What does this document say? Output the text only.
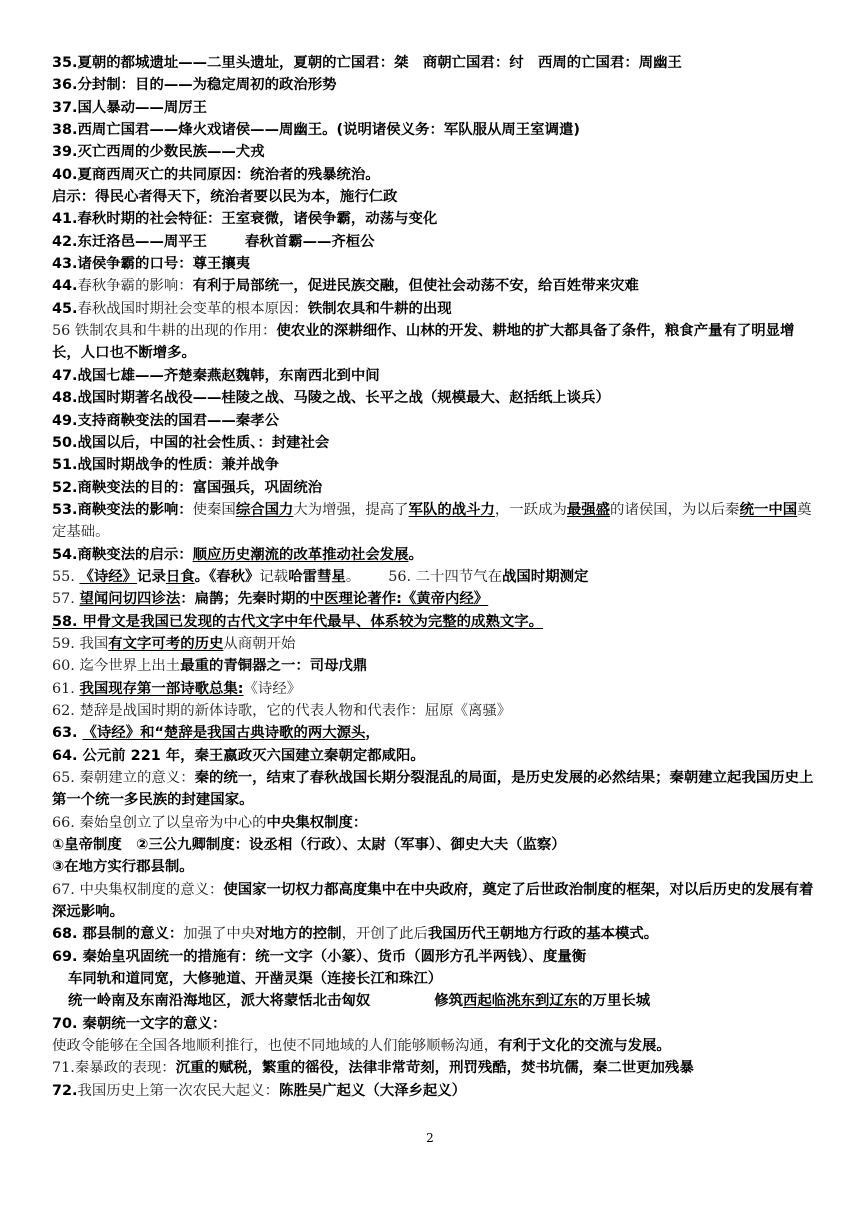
35.夏朝的都城遗址——二里头遗址，夏朝的亡国君：桀　商朝亡国君：纣　西周的亡国君：周幽王
36.分封制：目的——为稳定周初的政治形势
37.国人暴动——周厉王
38.西周亡国君——烽火戏诸侯——周幽王。(说明诸侯义务：军队服从周王室调遣)
39.灭亡西周的少数民族——犬戎
40.夏商西周灭亡的共同原因：统治者的残暴统治。
启示：得民心者得天下，统治者要以民为本，施行仁政
41.春秋时期的社会特征：王室衰微，诸侯争霸，动荡与变化
42.东迁洛邑——周平王	春秋首霸——齐桓公
43.诸侯争霸的口号：尊王攘夷
44.春秋争霸的影响：有利于局部统一，促进民族交融，但使社会动荡不安，给百姓带来灾难
45.春秋战国时期社会变革的根本原因：铁制农具和牛耕的出现
56 铁制农具和牛耕的出现的作用：使农业的深耕细作、山林的开发、耕地的扩大都具备了条件，粮食产量有了明显增长，人口也不断增多。
47.战国七雄——齐楚秦燕赵魏韩，东南西北到中间
48.战国时期著名战役——桂陵之战、马陵之战、长平之战（规模最大、赵括纸上谈兵）
49.支持商鞅变法的国君——秦孝公
50.战国以后，中国的社会性质、：封建社会
51.战国时期战争的性质：兼并战争
52.商鞅变法的目的：富国强兵，巩固统治
53.商鞅变法的影响：使秦国综合国力大为增强，提高了军队的战斗力，一跃成为最强盛的诸侯国，为以后秦统一中国奠定基础。
54.商鞅变法的启示：顺应历史潮流的改革推动社会发展。
55. 《诗经》记录日食。《春秋》记载哈雷彗星。 56. 二十四节气在战国时期测定
57. 望闻问切四诊法：扁鹊；先秦时期的中医理论著作:《黄帝内经》
58. 甲骨文是我国已发现的古代文字中年代最早、体系较为完整的成熟文字。
59. 我国有文字可考的历史从商朝开始
60. 迄今世界上出土最重的青铜器之一：司母戊鼎
61. 我国现存第一部诗歌总集:《诗经》
62. 楚辞是战国时期的新体诗歌，它的代表人物和代表作：屈原《离骚》
63. 《诗经》和“楚辞是我国古典诗歌的两大源头，
64. 公元前 221 年，秦王嬴政灭六国建立秦朝定都咸阳。
65. 秦朝建立的意义：秦的统一，结束了春秋战国长期分裂混乱的局面，是历史发展的必然结果；秦朝建立起我国历史上第一个统一多民族的封建国家。
66. 秦始皇创立了以皇帝为中心的中央集权制度：
①皇帝制度　②三公九卿制度：设丞相（行政）、太尉（军事）、御史大夫（监察）
③在地方实行郡县制。
67. 中央集权制度的意义：使国家一切权力都高度集中在中央政府，奠定了后世政治制度的框架，对以后历史的发展有着深远影响。
68. 郡县制的意义：加强了中央对地方的控制，开创了此后我国历代王朝地方行政的基本模式。
69. 秦始皇巩固统一的措施有：统一文字（小篆）、货币（圆形方孔半两钱）、度量衡
车同轨和道同宽，大修驰道、开凿灵渠（连接长江和珠江）
统一岭南及东南沿海地区，派大将蒙恬北击匈奴	修筑西起临洮东到辽东的万里长城
70. 秦朝统一文字的意义：
使政令能够在全国各地顺利推行，也使不同地域的人们能够顺畅沟通，有利于文化的交流与发展。
71.秦暴政的表现：沉重的赋税，繁重的徭役，法律非常苛刻，刑罚残酷，焚书坑儒，秦二世更加残暴
72.我国历史上第一次农民大起义：陈胜吴广起义（大泽乡起义）
2
